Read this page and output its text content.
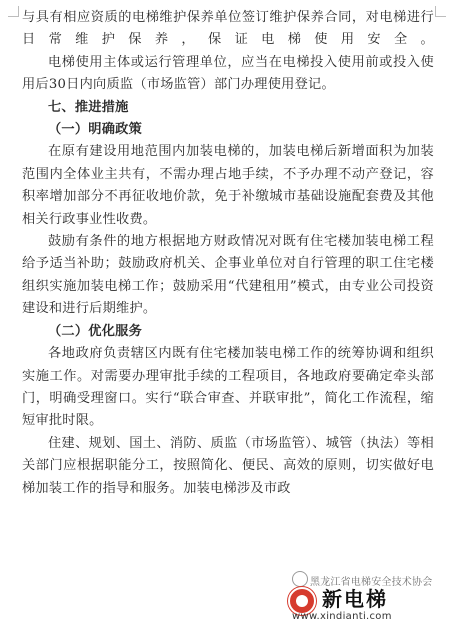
与具有相应资质的电梯维护保养单位签订维护保养合同，对电梯进行日常维护保养，保证电梯使用安全。

电梯使用主体或运行管理单位，应当在电梯投入使用前或投入使用后30日内向质监（市场监管）部门办理使用登记。

七、推进措施

（一）明确政策

在原有建设用地范围内加装电梯的，加装电梯后新增面积为加装范围内全体业主共有，不需办理占地手续，不予办理不动产登记，容积率增加部分不再征收地价款，免于补缴城市基础设施配套费及其他相关行政事业性收费。

鼓励有条件的地方根据地方财政情况对既有住宅楼加装电梯工程给予适当补助；鼓励政府机关、企事业单位对自行管理的职工住宅楼组织实施加装电梯工作；鼓励采用“代建租用”模式，由专业公司投资建设和进行后期维护。

（二）优化服务

各地政府负责辖区内既有住宅楼加装电梯工作的统筹协调和组织实施工作。对需要办理审批手续的工程项目，各地政府要确定牵头部门，明确受理窗口。实行“联合审查、并联审批”，简化工作流程，缩短审批时限。

住建、规划、国土、消防、质监（市场监管）、城管（执法）等相关部门应根据职能分工，按照简化、便民、高效的原则，切实做好电梯加装工作的指导和服务。加装电梯涉及市政

黑龙江省电梯安全技术协会
新电梯
www.xindianti.com
